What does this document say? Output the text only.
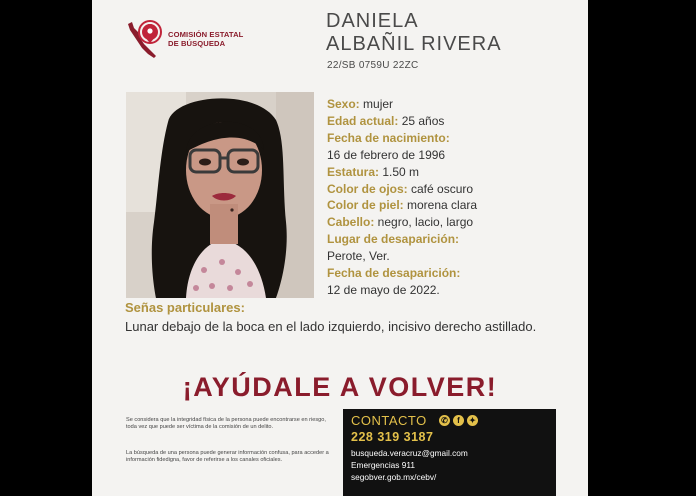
COMISIÓN ESTATAL
DE BÚSQUEDA
DANIELA
ALBAÑIL RIVERA
22/SB 0759U 22ZC
Sexo: mujer
Edad actual: 25 años
Fecha de nacimiento:
16 de febrero de 1996
Estatura: 1.50 m
Color de ojos: café oscuro
Color de piel: morena clara
Cabello: negro, lacio, largo
Lugar de desaparición:
Perote, Ver.
Fecha de desaparición:
12 de mayo de 2022.
Señas particulares:
Lunar debajo de la boca en el lado izquierdo, incisivo derecho astillado.
¡AYÚDALE A VOLVER!
Se considera que la integridad física de la persona puede encontrarse en riesgo, toda vez que puede ser víctima de la comisión de un delito.
La búsqueda de una persona puede generar información confusa, para acceder a información fidedigna, favor de referirse a los canales oficiales.
CONTACTO ✆	f	✦
228 319 3187
busqueda.veracruz@gmail.com
Emergencias 911
segobver.gob.mx/cebv/
